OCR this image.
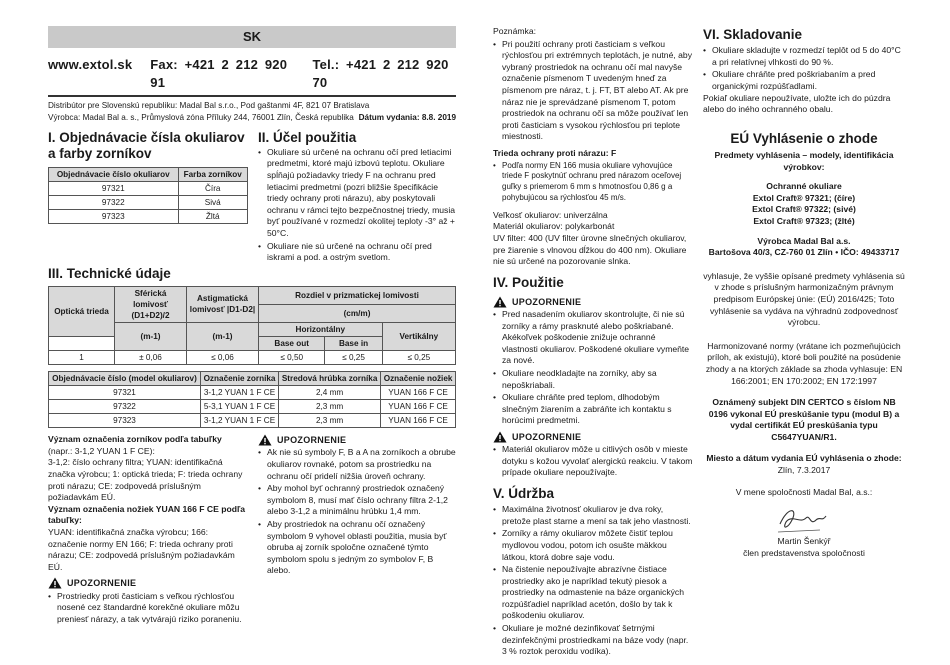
SK
www.extol.sk Fax: +421 2 212 920 91
Tel.: +421 2 212 920 70
Distribútor pre Slovenskú republiku: Madal Bal s.r.o., Pod gaštanmi 4F, 821 07 Bratislava
Výrobca: Madal Bal a. s., Průmyslová zóna Příluky 244, 76001 Zlín, Česká republika Dátum vydania: 8.8. 2019
I. Objednávacie čísla okuliarov a farby zorníkov
Objednávacie číslo okuliarov	Farba zorníkov
97321	Číra
97322	Sivá
97323	Žltá
II. Účel použitia
• Okuliare sú určené na ochranu očí pred letiacimi predmetmi, ktoré majú izbovú teplotu. Okuliare spĺňajú požiadavky triedy F na ochranu pred letiacimi predmetmi (pozri bližšie špecifikácie triedy ochrany proti nárazu), aby poskytovali ochranu v rámci tejto bezpečnostnej triedy, musia byť používané v rozmedzí okolitej teploty -3° až + 50°C.
• Okuliare nie sú určené na ochranu očí pred iskrami a pod. a ostrým svetlom.
III. Technické údaje
Optická trieda	Sférická lomivosť (D1+D2)/2	Astigmatická lomivosť |D1-D2|	Rozdiel v prizmatickej lomivosti		
			(cm/m)		
	(m-1)	(m-1)	Horizontálny		Vertikálny
			Base out	Base in	
1	± 0,06	≤ 0,06	≤ 0,50	≤ 0,25	≤ 0,25
Objednávacie číslo (model okuliarov)	Označenie zorníka	Stredová hrúbka zorníka	Označenie nožiek
97321	3-1,2 YUAN 1 F CE	2,4 mm	YUAN 166 F CE
97322	5-3,1 YUAN 1 F CE	2,3 mm	YUAN 166 F CE
97323	3-1,2 YUAN 1 F CE	2,3 mm	YUAN 166 F CE
Význam označenia zorníkov podľa tabuľky
(napr.: 3-1,2 YUAN 1 F CE):
3-1,2: číslo ochrany filtra; YUAN: identifikačná značka výrobcu; 1: optická trieda; F: trieda ochrany proti nárazu; CE: zodpovedá príslušným požiadavkám EÚ.
Význam označenia nožiek YUAN 166 F CE podľa tabuľky:
YUAN: identifikačná značka výrobcu; 166: označenie normy EN 166; F: trieda ochrany proti nárazu; CE: zodpovedá príslušným požiadavkám EÚ.
UPOZORNENIE
• Prostriedky proti časticiam s veľkou rýchlosťou nosené cez štandardné korekčné okuliare môžu preniesť nárazy, a tak vytvárajú riziko poraneniu.
UPOZORNENIE
• Ak nie sú symboly F, B a A na zorníkoch a obrube okuliarov rovnaké, potom sa prostriedku na ochranu očí pridelí nižšia úroveň ochrany.
• Aby mohol byť ochranný prostriedok označený symbolom 8, musí mať číslo ochrany filtra 2-1,2 alebo 3-1,2 a minimálnu hrúbku 1,4 mm.
• Aby prostriedok na ochranu očí označený symbolom 9 vyhovel oblasti použitia, musia byť obruba aj zorník spoločne označené týmto symbolom spolu s jedným zo symbolov F, B alebo.
Poznámka:
• Pri použití ochrany proti časticiam s veľkou rýchlosťou pri extrémnych teplotách, je nutné, aby vybraný prostriedok na ochranu očí mal navyše označenie písmenom T uvedeným hneď za písmenom pre náraz, t. j. FT, BT alebo AT. Ak pre náraz nie je sprevádzané písmenom T, potom prostriedok na ochranu očí sa môže používať len proti časticiam s vysokou rýchlosťou pri teplote miestnosti.
Trieda ochrany proti nárazu: F
• Podľa normy EN 166 musia okuliare vyhovujúce triede F poskytnúť ochranu pred nárazom oceľovej guľky s priemerom 6 mm s hmotnosťou 0,86 g a pohybujúcou sa rýchlosťou 45 m/s.
Veľkosť okuliarov: univerzálna
Materiál okuliarov: polykarbonát
UV filter: 400 (UV filter úrovne slnečných okuliarov, pre žiarenie s vlnovou dĺžkou do 400 nm). Okuliare nie sú určené na pozorovanie slnka.
IV. Použitie
UPOZORNENIE
• Pred nasadením okuliarov skontrolujte, či nie sú zorníky a rámy prasknuté alebo poškriabané. Akékoľvek poškodenie znižuje ochranné vlastnosti okuliarov. Poškodené okuliare vymeňte za nové.
• Okuliare neodkladajte na zorníky, aby sa nepoškriabali.
• Okuliare chráňte pred teplom, dlhodobým slnečným žiarením a zabráňte ich kontaktu s horúcimi predmetmi.
UPOZORNENIE
• Materiál okuliarov môže u citlivých osôb v mieste dotyku s kožou vyvolať alergickú reakciu. V takom prípade okuliare nepoužívajte.
V. Údržba
• Maximálna životnosť okuliarov je dva roky, pretože plast starne a mení sa tak jeho vlastnosti.
• Zorníky a rámy okuliarov môžete čistiť teplou mydlovou vodou, potom ich osušte mäkkou látkou, ktorá dobre saje vodu.
• Na čistenie nepoužívajte abrazívne čistiace prostriedky ako je napríklad tekutý piesok a prostriedky na odmastenie na báze organických rozpúšťadiel napríklad acetón, došlo by tak k poškodeniu okuliarov.
• Okuliare je možné dezinfikovať šetrnými dezinfekčnými prostriedkami na báze vody (napr. 3 % roztok peroxidu vodíka).
VI. Skladovanie
• Okuliare skladujte v rozmedzí teplôt od 5 do 40°C a pri relatívnej vlhkosti do 90 %.
• Okuliare chráňte pred poškriabaním a pred organickými rozpúšťadlami.
Pokiaľ okuliare nepoužívate, uložte ich do púzdra alebo do iného ochranného obalu.
EÚ Vyhlásenie o zhode
Predmety vyhlásenia – modely, identifikácia výrobkov:
Ochranné okuliare
Extol Craft® 97321; (číre)
Extol Craft® 97322; (sivé)
Extol Craft® 97323; (žlté)
Výrobca Madal Bal a.s.
Bartošova 40/3, CZ-760 01 Zlín • IČO: 49433717
vyhlasuje, že vyššie opísané predmety vyhlásenia sú v zhode s príslušným harmonizačným právnym predpisom Európskej únie: (EÚ) 2016/425; Toto vyhlásenie sa vydáva na výhradnú zodpovednosť výrobcu.
Harmonizované normy (vrátane ich pozmeňujúcich príloh, ak existujú), ktoré boli použité na posúdenie zhody a na ktorých základe sa zhoda vyhlasuje: EN 166:2001; EN 170:2002; EN 172:1997
Oznámený subjekt DIN CERTCO s číslom NB 0196 vykonal EÚ preskúšanie typu (modul B) a vydal certifikát EÚ preskúšania typu C5647YUAN/R1.
Miesto a dátum vydania EÚ vyhlásenia o zhode:
Zlín, 7.3.2017
V mene spoločnosti Madal Bal, a.s.:
Martin Šenkýř
člen predstavenstva spoločnosti
